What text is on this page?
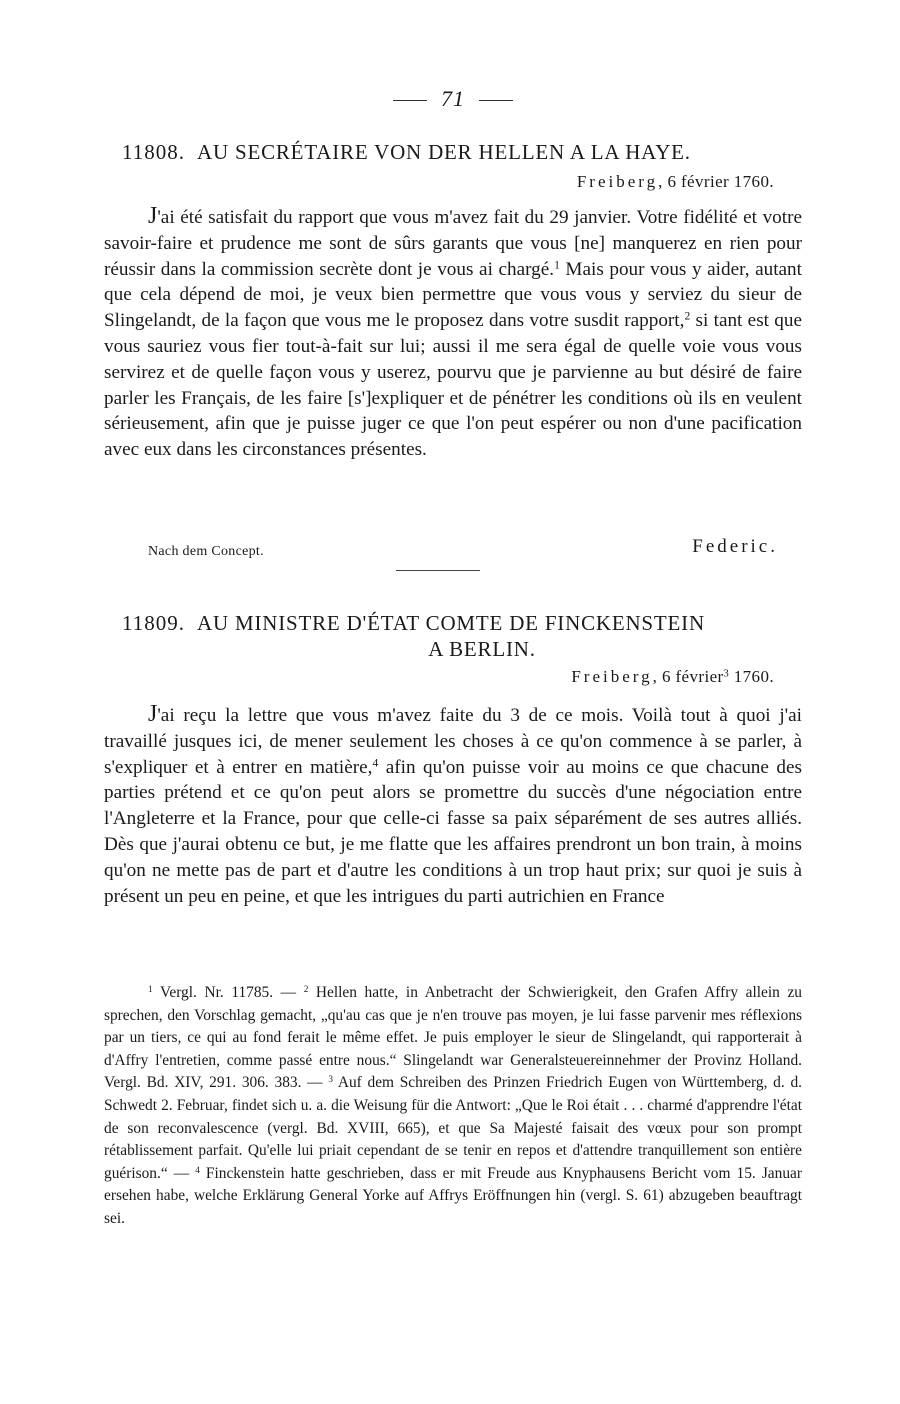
71
11808. AU SECRÉTAIRE VON DER HELLEN A LA HAYE.
Freiberg, 6 février 1760.

J'ai été satisfait du rapport que vous m'avez fait du 29 janvier. Votre fidélité et votre savoir-faire et prudence me sont de sûrs garants que vous [ne] manquerez en rien pour réussir dans la commission secrète dont je vous ai chargé.$^1$ Mais pour vous y aider, autant que cela dépend de moi, je veux bien permettre que vous vous y serviez du sieur de Slingelandt, de la façon que vous me le proposez dans votre susdit rapport,$^2$ si tant est que vous sauriez vous fier tout-à-fait sur lui; aussi il me sera égal de quelle voie vous vous servirez et de quelle façon vous y userez, pourvu que je parvienne au but désiré de faire parler les Français, de les faire [s']expliquer et de pénétrer les conditions où ils en veulent sérieusement, afin que je puisse juger ce que l'on peut espérer ou non d'une pacification avec eux dans les circonstances présentes.

Nach dem Concept.	Federic.
11809. AU MINISTRE D'ÉTAT COMTE DE FINCKENSTEIN
A BERLIN.
Freiberg, 6 février$^3$ 1760.

J'ai reçu la lettre que vous m'avez faite du 3 de ce mois. Voilà tout à quoi j'ai travaillé jusques ici, de mener seulement les choses à ce qu'on commence à se parler, à s'expliquer et à entrer en matière,$^4$ afin qu'on puisse voir au moins ce que chacune des parties prétend et ce qu'on peut alors se promettre du succès d'une négociation entre l'Angleterre et la France, pour que celle-ci fasse sa paix séparément de ses autres alliés. Dès que j'aurai obtenu ce but, je me flatte que les affaires prendront un bon train, à moins qu'on ne mette pas de part et d'autre les conditions à un trop haut prix; sur quoi je suis à présent un peu en peine, et que les intrigues du parti autrichien en France

$^1$ Vergl. Nr. 11785. — $^2$ Hellen hatte, in Anbetracht der Schwierigkeit, den Grafen Affry allein zu sprechen, den Vorschlag gemacht, „qu'au cas que je n'en trouve pas moyen, je lui fasse parvenir mes réflexions par un tiers, ce qui au fond ferait le même effet. Je puis employer le sieur de Slingelandt, qui rapporterait à d'Affry l'entretien, comme passé entre nous.“ Slingelandt war Generalsteuereinnehmer der Provinz Holland. Vergl. Bd. XIV, 291. 306. 383. — $^3$ Auf dem Schreiben des Prinzen Friedrich Eugen von Württemberg, d. d. Schwedt 2. Februar, findet sich u. a. die Weisung für die Antwort: „Que le Roi était . . . charmé d'apprendre l'état de son reconvalescence (vergl. Bd. XVIII, 665), et que Sa Majesté faisait des vœux pour son prompt rétablissement parfait. Qu'elle lui priait cependant de se tenir en repos et d'attendre tranquillement son entière guérison.“ — $^4$ Finckenstein hatte geschrieben, dass er mit Freude aus Knyphausens Bericht vom 15. Januar ersehen habe, welche Erklärung General Yorke auf Affrys Eröffnungen hin (vergl. S. 61) abzugeben beauftragt sei.
